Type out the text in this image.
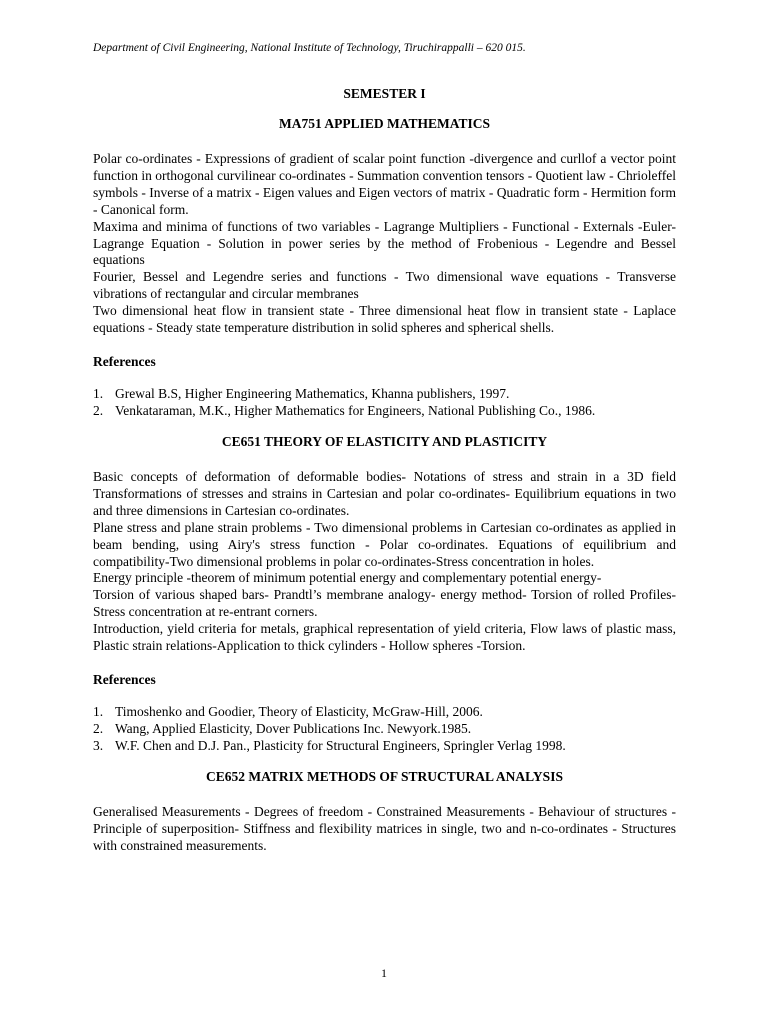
Department of Civil Engineering, National Institute of Technology, Tiruchirappalli – 620 015.
SEMESTER I
MA751 APPLIED MATHEMATICS

Polar co-ordinates - Expressions of gradient of scalar point function -divergence and curllof a vector point function in orthogonal curvilinear co-ordinates - Summation convention tensors - Quotient law - Chrioleffel symbols - Inverse of a matrix - Eigen values and Eigen vectors of matrix - Quadratic form - Hermition form - Canonical form.

Maxima and minima of functions of two variables - Lagrange Multipliers - Functional - Externals -Euler-Lagrange Equation - Solution in power series by the method of Frobenious - Legendre and Bessel equations

Fourier, Bessel and Legendre series and functions - Two dimensional wave equations - Transverse vibrations of rectangular and circular membranes

Two dimensional heat flow in transient state - Three dimensional heat flow in transient state - Laplace equations - Steady state temperature distribution in solid spheres and spherical shells.

References
1. Grewal B.S, Higher Engineering Mathematics, Khanna publishers, 1997.
2. Venkataraman, M.K., Higher Mathematics for Engineers, National Publishing Co., 1986.
CE651 THEORY OF ELASTICITY AND PLASTICITY

Basic concepts of deformation of deformable bodies- Notations of stress and strain in a 3D field Transformations of stresses and strains in Cartesian and polar co-ordinates- Equilibrium equations in two and three dimensions in Cartesian co-ordinates.

Plane stress and plane strain problems - Two dimensional problems in Cartesian co-ordinates as applied in beam bending, using Airy's stress function - Polar co-ordinates. Equations of equilibrium and compatibility-Two dimensional problems in polar co-ordinates-Stress concentration in holes.

Energy principle -theorem of minimum potential energy and complementary potential energy-

Torsion of various shaped bars- Prandtl’s membrane analogy- energy method- Torsion of rolled Profiles- Stress concentration at re-entrant corners.

Introduction, yield criteria for metals, graphical representation of yield criteria, Flow laws of plastic mass, Plastic strain relations-Application to thick cylinders - Hollow spheres -Torsion.

References
1. Timoshenko and Goodier, Theory of Elasticity, McGraw-Hill, 2006.
2. Wang, Applied Elasticity, Dover Publications Inc. Newyork.1985.
3. W.F. Chen and D.J. Pan., Plasticity for Structural Engineers, Springler Verlag 1998.
CE652 MATRIX METHODS OF STRUCTURAL ANALYSIS

Generalised Measurements - Degrees of freedom - Constrained Measurements - Behaviour of structures - Principle of superposition- Stiffness and flexibility matrices in single, two and n-co-ordinates - Structures with constrained measurements.

1
